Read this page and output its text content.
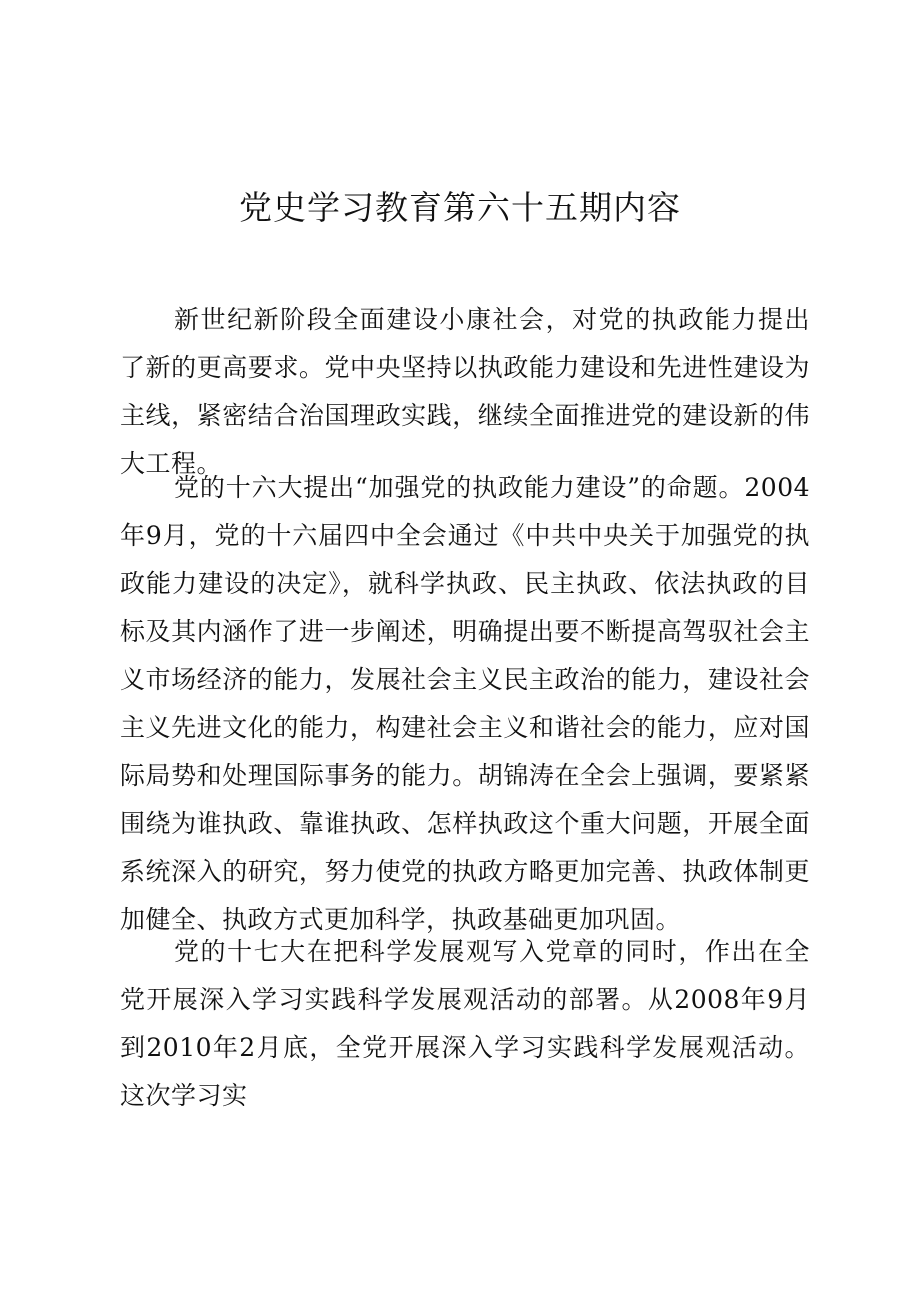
党史学习教育第六十五期内容

新世纪新阶段全面建设小康社会，对党的执政能力提出了新的更高要求。党中央坚持以执政能力建设和先进性建设为主线，紧密结合治国理政实践，继续全面推进党的建设新的伟大工程。

党的十六大提出“加强党的执政能力建设”的命题。2004年9月，党的十六届四中全会通过《中共中央关于加强党的执政能力建设的决定》，就科学执政、民主执政、依法执政的目标及其内涵作了进一步阐述，明确提出要不断提高驾驭社会主义市场经济的能力，发展社会主义民主政治的能力，建设社会主义先进文化的能力，构建社会主义和谐社会的能力，应对国际局势和处理国际事务的能力。胡锦涛在全会上强调，要紧紧围绕为谁执政、靠谁执政、怎样执政这个重大问题，开展全面系统深入的研究，努力使党的执政方略更加完善、执政体制更加健全、执政方式更加科学，执政基础更加巩固。

党的十七大在把科学发展观写入党章的同时，作出在全党开展深入学习实践科学发展观活动的部署。从2008年9月到2010年2月底，全党开展深入学习实践科学发展观活动。这次学习实
